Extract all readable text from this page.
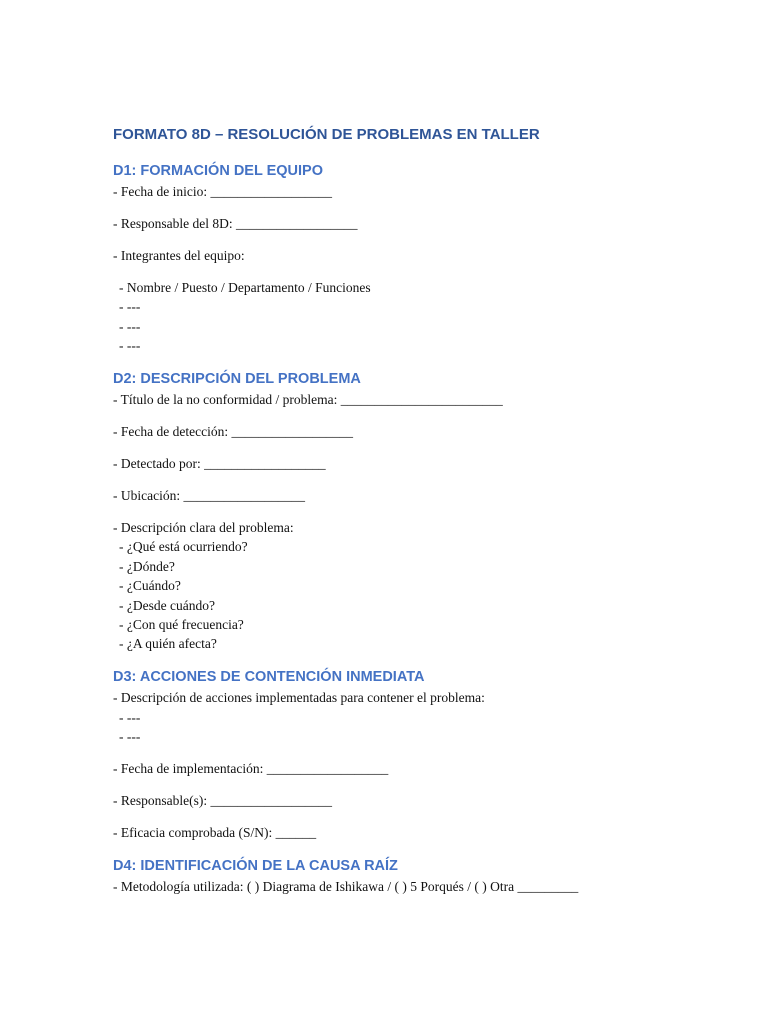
FORMATO 8D – RESOLUCIÓN DE PROBLEMAS EN TALLER
D1: FORMACIÓN DEL EQUIPO
- Fecha de inicio: __________________
- Responsable del 8D: __________________
- Integrantes del equipo:
- Nombre / Puesto / Departamento / Funciones
- ---
- ---
- ---
D2: DESCRIPCIÓN DEL PROBLEMA
- Título de la no conformidad / problema: ________________________
- Fecha de detección: __________________
- Detectado por: __________________
- Ubicación: __________________
- Descripción clara del problema:
- ¿Qué está ocurriendo?
- ¿Dónde?
- ¿Cuándo?
- ¿Desde cuándo?
- ¿Con qué frecuencia?
- ¿A quién afecta?
D3: ACCIONES DE CONTENCIÓN INMEDIATA
- Descripción de acciones implementadas para contener el problema:
- ---
- ---
- Fecha de implementación: __________________
- Responsable(s): __________________
- Eficacia comprobada (S/N): ______
D4: IDENTIFICACIÓN DE LA CAUSA RAÍZ
- Metodología utilizada: ( ) Diagrama de Ishikawa / ( ) 5 Porqués / ( ) Otra _________
